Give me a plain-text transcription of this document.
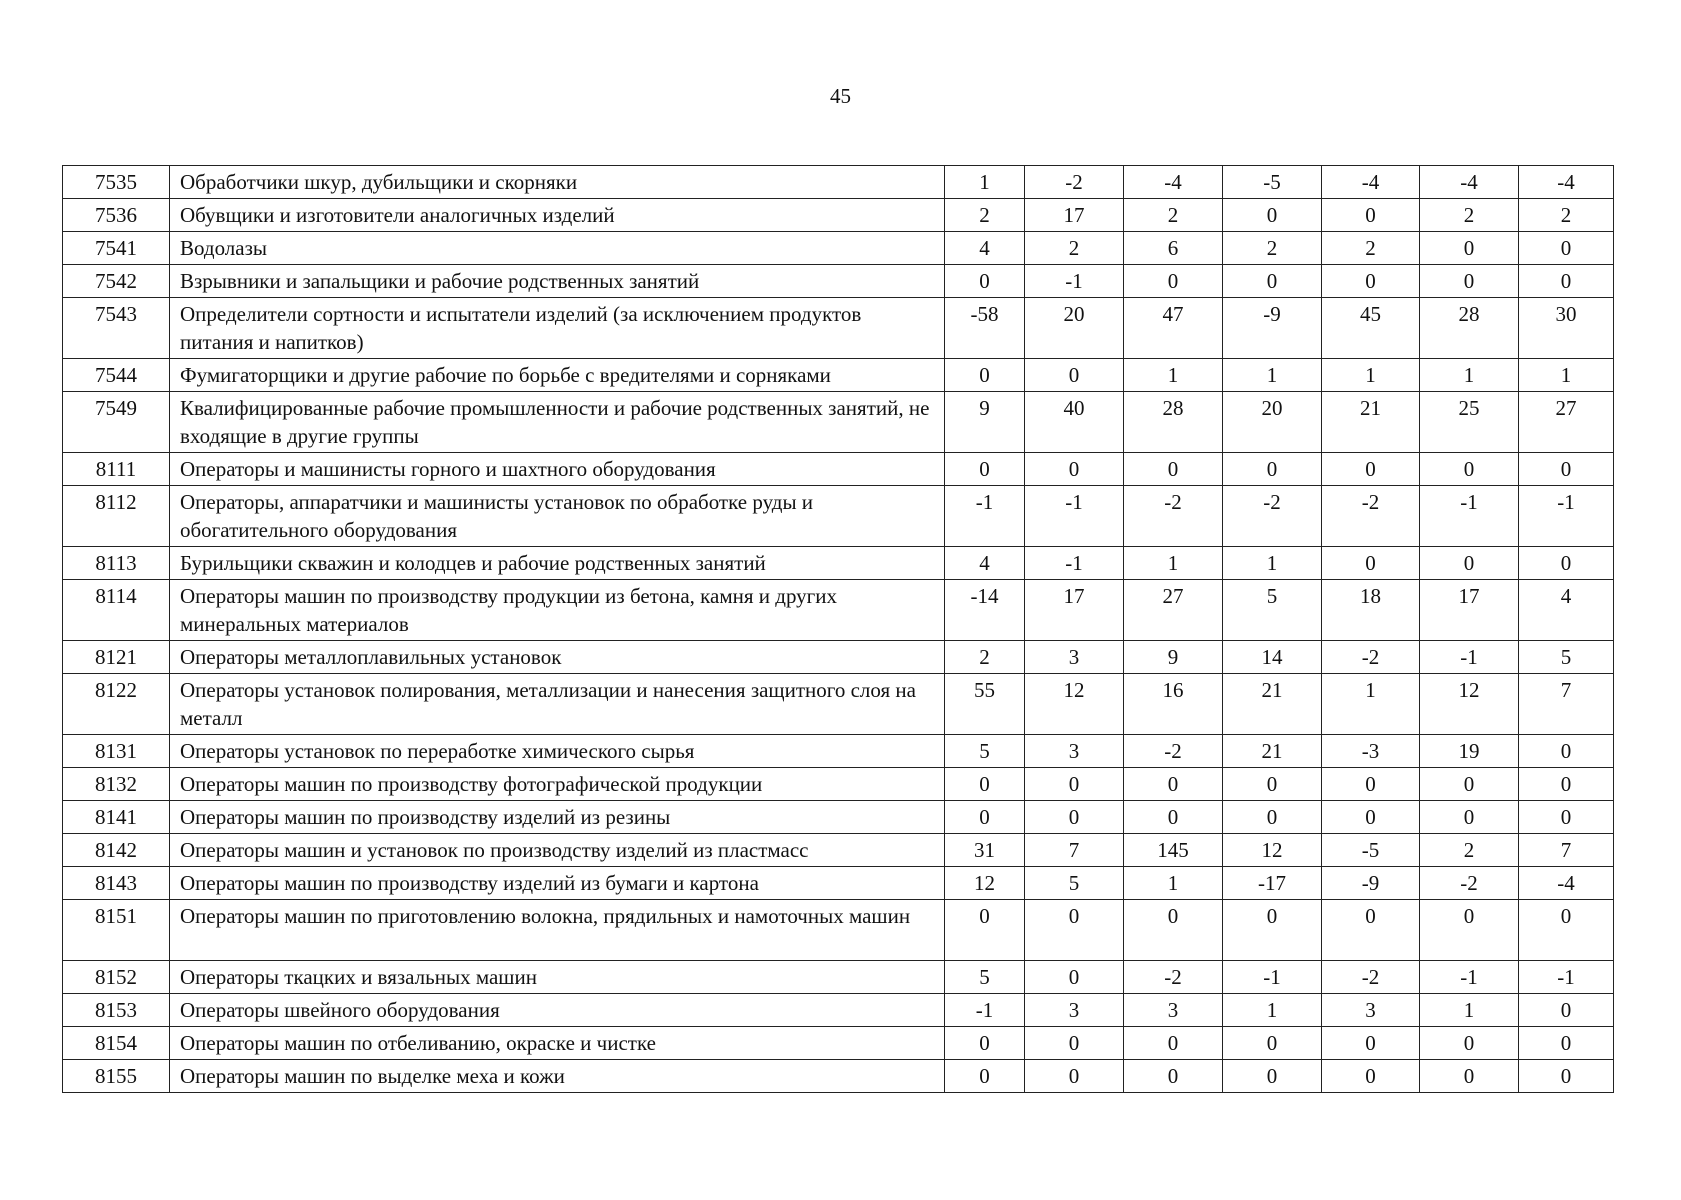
45
7535	Обработчики шкур, дубильщики и скорняки	1	-2	-4	-5	-4	-4	-4
7536	Обувщики и изготовители аналогичных изделий	2	17	2	0	0	2	2
7541	Водолазы	4	2	6	2	2	0	0
7542	Взрывники и запальщики и рабочие родственных занятий	0	-1	0	0	0	0	0
7543	Определители сортности и испытатели изделий (за исключением продуктов питания и напитков)	-58	20	47	-9	45	28	30
7544	Фумигаторщики и другие рабочие по борьбе с вредителями и сорняками	0	0	1	1	1	1	1
7549	Квалифицированные рабочие промышленности и рабочие родственных занятий, не входящие в другие группы	9	40	28	20	21	25	27
8111	Операторы и машинисты горного и шахтного оборудования	0	0	0	0	0	0	0
8112	Операторы, аппаратчики и машинисты установок по обработке руды и обогатительного оборудования	-1	-1	-2	-2	-2	-1	-1
8113	Бурильщики скважин и колодцев и рабочие родственных занятий	4	-1	1	1	0	0	0
8114	Операторы машин по производству продукции из бетона, камня и других минеральных материалов	-14	17	27	5	18	17	4
8121	Операторы металлоплавильных установок	2	3	9	14	-2	-1	5
8122	Операторы установок полирования, металлизации и нанесения защитного слоя на металл	55	12	16	21	1	12	7
8131	Операторы установок по переработке химического сырья	5	3	-2	21	-3	19	0
8132	Операторы машин по производству фотографической продукции	0	0	0	0	0	0	0
8141	Операторы машин по производству изделий из резины	0	0	0	0	0	0	0
8142	Операторы машин и установок по производству изделий из пластмасс	31	7	145	12	-5	2	7
8143	Операторы машин по производству изделий из бумаги и картона	12	5	1	-17	-9	-2	-4
8151	Операторы машин по приготовлению волокна, прядильных и намоточных машин	0	0	0	0	0	0	0
8152	Операторы ткацких и вязальных машин	5	0	-2	-1	-2	-1	-1
8153	Операторы швейного оборудования	-1	3	3	1	3	1	0
8154	Операторы машин по отбеливанию, окраске и чистке	0	0	0	0	0	0	0
8155	Операторы машин по выделке меха и кожи	0	0	0	0	0	0	0
